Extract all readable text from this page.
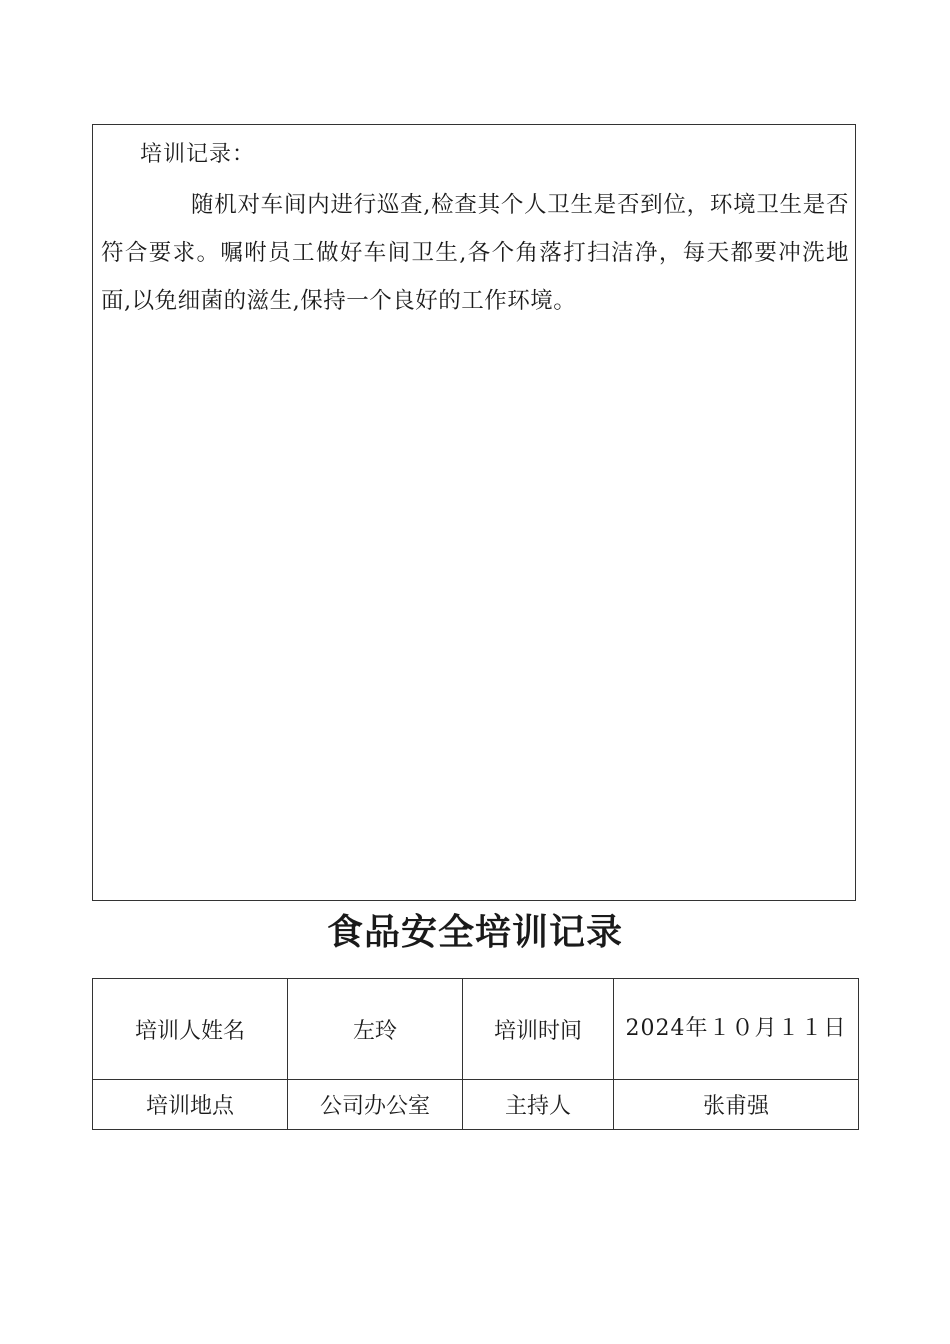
培训记录：
随机对车间内进行巡查,检查其个人卫生是否到位，环境卫生是否符合要求。嘱咐员工做好车间卫生,各个角落打扫洁净，每天都要冲洗地面,以免细菌的滋生,保持一个良好的工作环境。
食品安全培训记录
培训人姓名	左玲	培训时间	2024年１０月１１日
培训地点	公司办公室	主持人	张甫强
